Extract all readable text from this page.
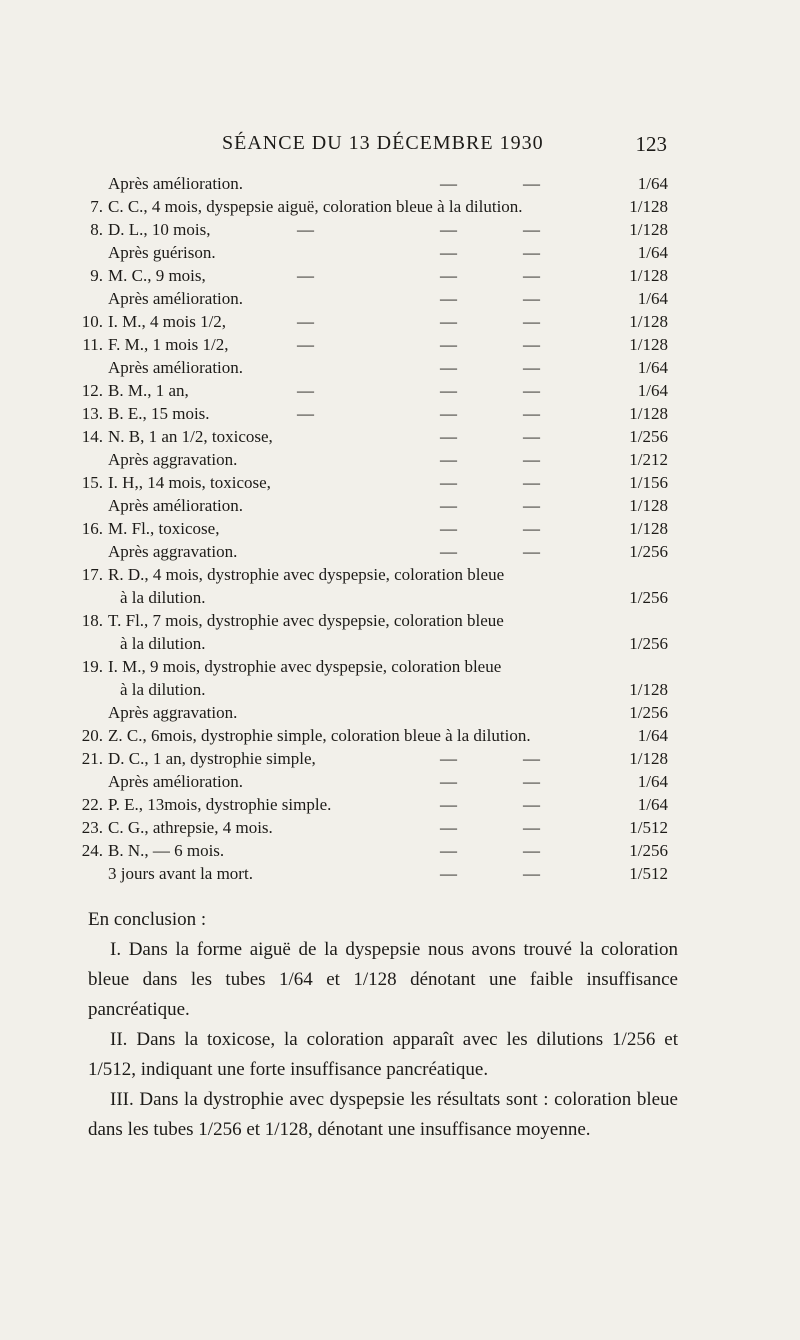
SÉANCE DU 13 DÉCEMBRE 1930	123
Après amélioration.	—	—	1/64
7. C. C., 4 mois, dyspepsie aiguë, coloration bleue à la dilution.	1/128
8. D. L., 10 mois,	—	—	—	1/128
Après guérison.	—	—	1/64
9. M. C., 9 mois,	—	—	—	1/128
Après amélioration.	—	—	1/64
10. I. M., 4 mois 1/2,	—	—	—	1/128
11. F. M., 1 mois 1/2,	—	—	—	1/128
Après amélioration.	—	—	1/64
12. B. M., 1 an,	—	—	—	1/64
13. B. E., 15 mois.	—	—	—	1/128
14. N. B, 1 an 1/2, toxicose,	—	—	1/256
Après aggravation.	—	—	1/212
15. I. H,, 14 mois, toxicose,	—	—	1/156
Après amélioration.	—	—	1/128
16. M. Fl., toxicose,	—	—	1/128
Après aggravation.	—	—	1/256
17. R. D., 4 mois, dystrophie avec dyspepsie, coloration bleue
à la dilution.	1/256
18. T. Fl., 7 mois, dystrophie avec dyspepsie, coloration bleue
à la dilution.	1/256
19. I. M., 9 mois, dystrophie avec dyspepsie, coloration bleue
à la dilution.	1/128
Après aggravation.	1/256
20. Z. C., 6mois, dystrophie simple, coloration bleue à la dilution.	1/64
21. D. C., 1 an, dystrophie simple,	—	—	1/128
Après amélioration.	—	—	1/64
22. P. E., 13mois, dystrophie simple.	—	—	1/64
23. C. G., athrepsie, 4 mois.	—	—	1/512
24. B. N., — 6 mois.	—	—	1/256
3 jours avant la mort.	—	—	1/512
En conclusion :

I. Dans la forme aiguë de la dyspepsie nous avons trouvé la coloration bleue dans les tubes 1/64 et 1/128 dénotant une faible insuffisance pancréatique.

II. Dans la toxicose, la coloration apparaît avec les dilutions 1/256 et 1/512, indiquant une forte insuffisance pancréatique.

III. Dans la dystrophie avec dyspepsie les résultats sont : coloration bleue dans les tubes 1/256 et 1/128, dénotant une insuffisance moyenne.
